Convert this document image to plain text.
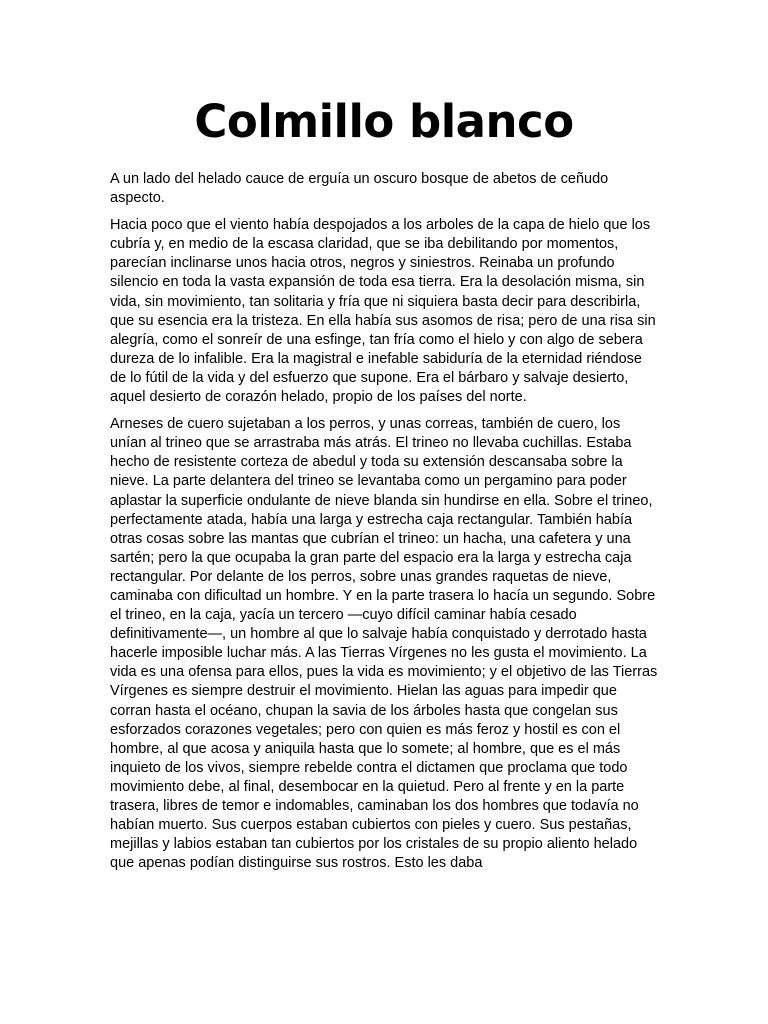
Colmillo blanco

A un lado del helado cauce de erguía un oscuro bosque de abetos de ceñudo aspecto.

Hacia poco que el viento había despojados a los arboles de la capa de hielo que los cubría y, en medio de la escasa claridad, que se iba debilitando por momentos, parecían inclinarse unos hacia otros, negros y siniestros. Reinaba un profundo silencio en toda la vasta expansión de toda esa tierra. Era la desolación misma, sin vida, sin movimiento, tan solitaria y fría que ni siquiera basta decir para describirla, que su esencia era la tristeza. En ella había sus asomos de risa; pero de una risa sin alegría, como el sonreír de una esfinge, tan fría como el hielo y con algo de sebera dureza de lo infalible. Era la magistral e inefable sabiduría de la eternidad riéndose de lo fútil de la vida y del esfuerzo que supone. Era el bárbaro y salvaje desierto, aquel desierto de corazón helado, propio de los países del norte.

Arneses de cuero sujetaban a los perros, y unas correas, también de cuero, los unían al trineo que se arrastraba más atrás. El trineo no llevaba cuchillas. Estaba hecho de resistente corteza de abedul y toda su extensión descansaba sobre la nieve. La parte delantera del trineo se levantaba como un pergamino para poder aplastar la superficie ondulante de nieve blanda sin hundirse en ella. Sobre el trineo, perfectamente atada, había una larga y estrecha caja rectangular. También había otras cosas sobre las mantas que cubrían el trineo: un hacha, una cafetera y una sartén; pero la que ocupaba la gran parte del espacio era la larga y estrecha caja rectangular. Por delante de los perros, sobre unas grandes raquetas de nieve, caminaba con dificultad un hombre. Y en la parte trasera lo hacía un segundo. Sobre el trineo, en la caja, yacía un tercero —cuyo difícil caminar había cesado definitivamente—, un hombre al que lo salvaje había conquistado y derrotado hasta hacerle imposible luchar más. A las Tierras Vírgenes no les gusta el movimiento. La vida es una ofensa para ellos, pues la vida es movimiento; y el objetivo de las Tierras Vírgenes es siempre destruir el movimiento. Hielan las aguas para impedir que corran hasta el océano, chupan la savia de los árboles hasta que congelan sus esforzados corazones vegetales; pero con quien es más feroz y hostil es con el hombre, al que acosa y aniquila hasta que lo somete; al hombre, que es el más inquieto de los vivos, siempre rebelde contra el dictamen que proclama que todo movimiento debe, al final, desembocar en la quietud. Pero al frente y en la parte trasera, libres de temor e indomables, caminaban los dos hombres que todavía no habían muerto. Sus cuerpos estaban cubiertos con pieles y cuero. Sus pestañas, mejillas y labios estaban tan cubiertos por los cristales de su propio aliento helado que apenas podían distinguirse sus rostros. Esto les daba
